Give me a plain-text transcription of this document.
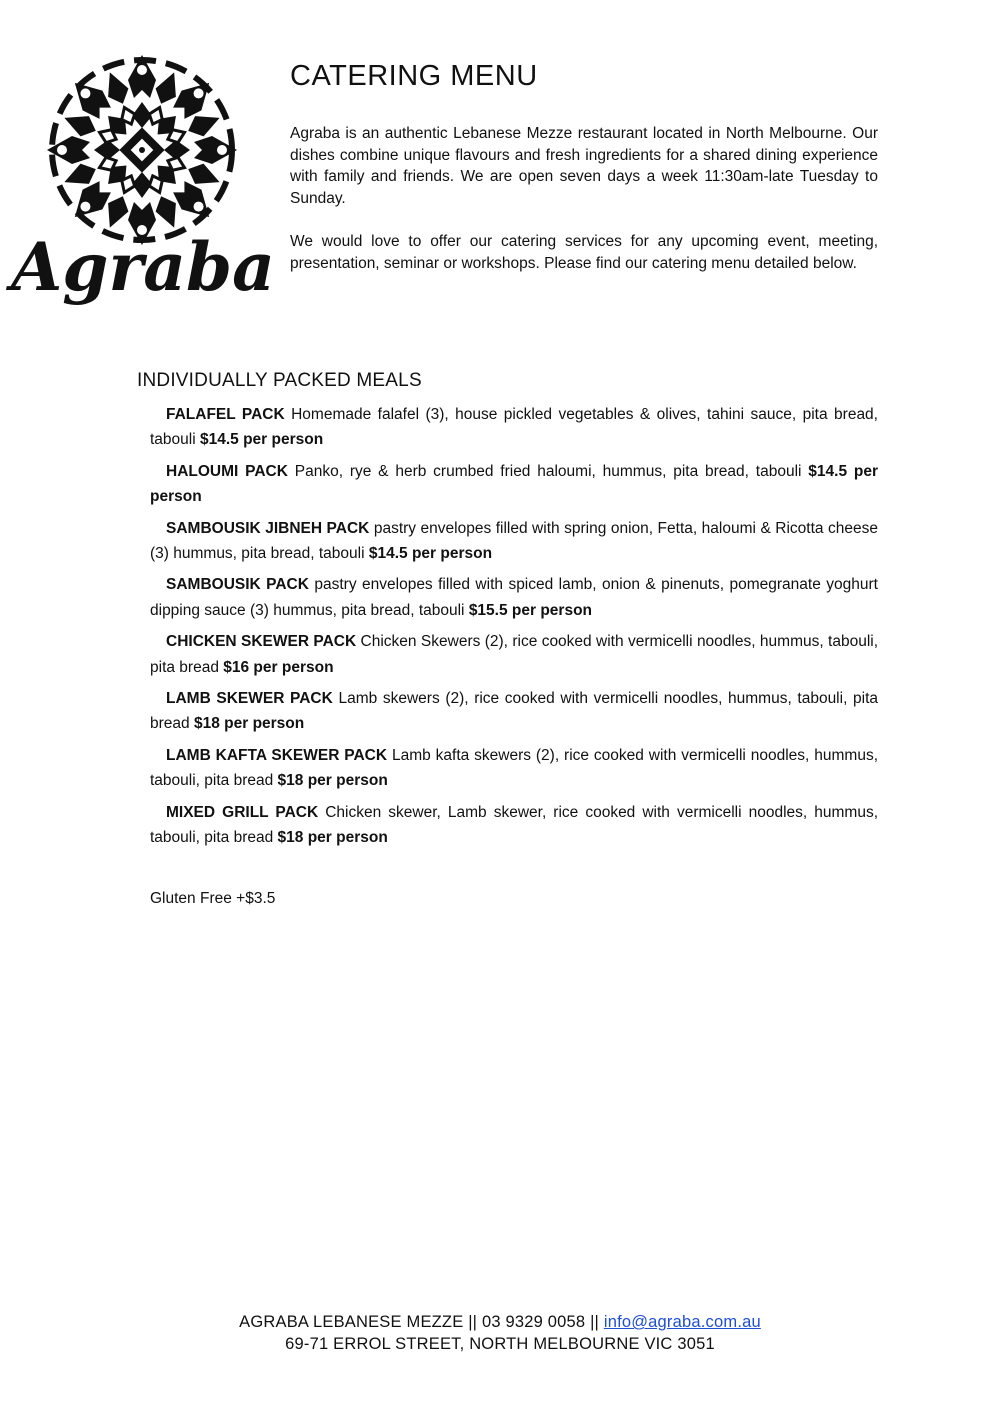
Agraba
CATERING MENU

Agraba is an authentic Lebanese Mezze restaurant located in North Melbourne. Our dishes combine unique flavours and fresh ingredients for a shared dining experience with family and friends. We are open seven days a week 11:30am-late Tuesday to Sunday.

We would love to offer our catering services for any upcoming event, meeting, presentation, seminar or workshops. Please find our catering menu detailed below.

INDIVIDUALLY PACKED MEALS

FALAFEL PACK Homemade falafel (3), house pickled vegetables & olives, tahini sauce, pita bread, tabouli $14.5 per person

HALOUMI PACK Panko, rye & herb crumbed fried haloumi, hummus, pita bread, tabouli $14.5 per person

SAMBOUSIK JIBNEH PACK pastry envelopes filled with spring onion, Fetta, haloumi & Ricotta cheese (3) hummus, pita bread, tabouli $14.5 per person

SAMBOUSIK PACK pastry envelopes filled with spiced lamb, onion & pinenuts, pomegranate yoghurt dipping sauce (3) hummus, pita bread, tabouli $15.5 per person

CHICKEN SKEWER PACK Chicken Skewers (2), rice cooked with vermicelli noodles, hummus, tabouli, pita bread $16 per person

LAMB SKEWER PACK Lamb skewers (2), rice cooked with vermicelli noodles, hummus, tabouli, pita bread $18 per person

LAMB KAFTA SKEWER PACK Lamb kafta skewers (2), rice cooked with vermicelli noodles, hummus, tabouli, pita bread $18 per person

MIXED GRILL PACK Chicken skewer, Lamb skewer, rice cooked with vermicelli noodles, hummus, tabouli, pita bread $18 per person

Gluten Free +$3.5
AGRABA LEBANESE MEZZE || 03 9329 0058 || info@agraba.com.au
69-71 ERROL STREET, NORTH MELBOURNE VIC 3051
